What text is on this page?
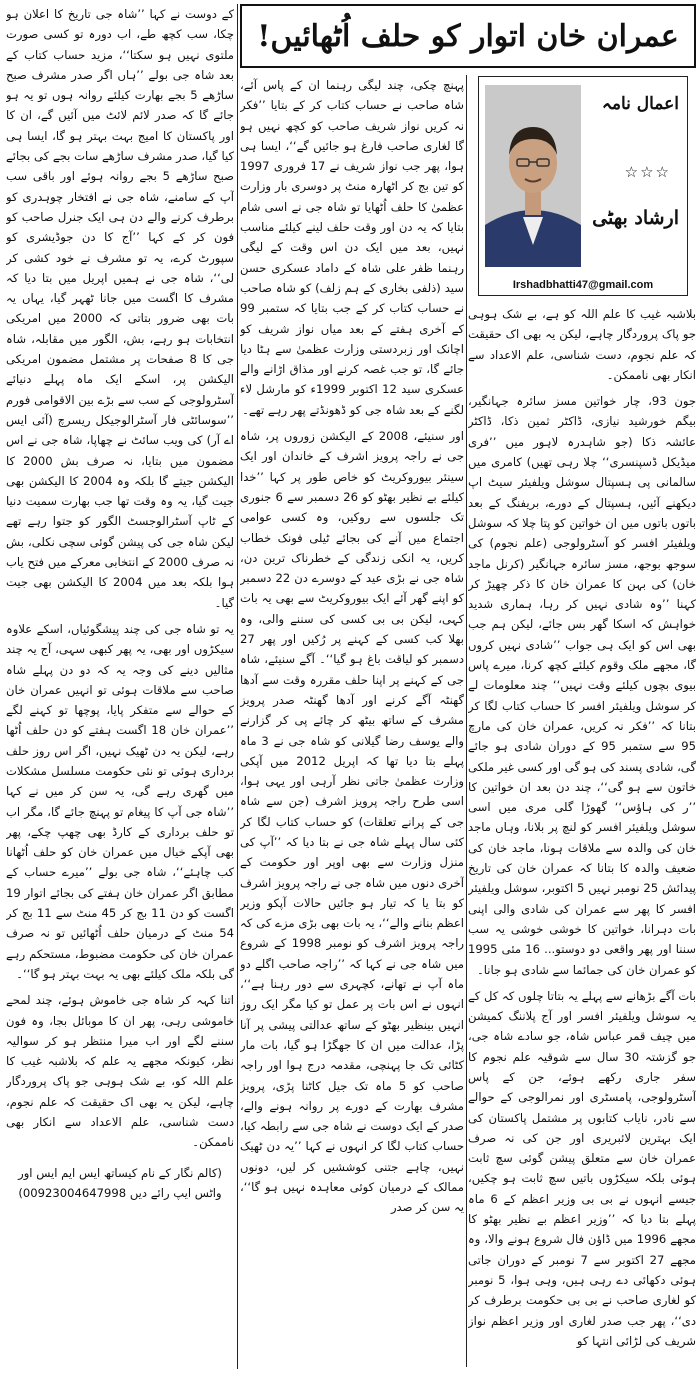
عمران خان اتوار کو حلف اُٹھائیں!
اعمال نامہ
☆☆☆
ارشاد بھٹی
Irshadbhatti47@gmail.com

بلاشبہ غیب کا علم اللہ کو ہے، بے شک ہوہی جو پاک پروردگار چاہے، لیکن یہ بھی اک حقیقت کہ علم نجوم، دست شناسی، علم الاعداد سے انکار بھی ناممکن۔

جون 93، چار خواتین مسز سائرہ جہانگیر، بیگم خورشید نیازی، ڈاکٹر ثمین ذکا، ڈاکٹر عائشہ ذکا (جو شاہدرہ لاہور میں ’’فری میڈیکل ڈسپنسری‘‘ چلا رہی تھیں) کامری میں سالمانی پی ہسپتال سوشل ویلفیئر سیٹ اپ دیکھنے آئیں، ہسپتال کے دورے، بریفنگ کے بعد باتوں باتوں میں ان خواتین کو پتا چلا کہ سوشل ویلفیئر افسر کو آسٹرولوجی (علم نجوم) کی سوجھ بوجھ، مسز سائرہ جہانگیر (کرنل ماجد خان) کی بہن کا عمران خان کا ذکر چھیڑ کر کہنا ’’وہ شادی نہیں کر رہا، ہماری شدید خواہش کہ اسکا گھر بس جائے، لیکن ہم جب بھی اس کو ایک ہی جواب ’’شادی نہیں کروں گا، مجھے ملک وقوم کیلئے کچھ کرنا، میرے پاس بیوی بچوں کیلئے وقت نہیں‘‘ چند معلومات لے کر سوشل ویلفیئر افسر کا حساب کتاب لگا کر بتانا کہ ’’فکر نہ کریں، عمران خان کی مارچ 95 سے ستمبر 95 کے دوران شادی ہو جائے گی، شادی پسند کی ہو گی اور کسی غیر ملکی خاتون سے ہو گی‘‘، چند دن بعد ان خواتین کا ’’ر کی ہاؤس‘‘ گھوڑا گلی مری میں اسی سوشل ویلفیئر افسر کو لنچ پر بلانا، وہاں ماجد خان کی والدہ سے ملاقات ہونا، ماجد خان کی ضعیف والدہ کا بتانا کہ عمران خان کی تاریخ پیدائش 25 نومبر نہیں 5 اکتوبر، سوشل ویلفیئر افسر کا پھر سے عمران کی شادی والی اپنی بات دہرانا، خواتین کا خوشی خوشی یہ سب سننا اور پھر واقعی دو دوستو... 16 مئی 1995 کو عمران خان کی جمائما سے شادی ہو جانا۔

بات آگے بڑھانے سے پہلے یہ بتاتا چلوں کہ کل کے یہ سوشل ویلفیئر افسر اور آج پلاننگ کمیشن میں چیف قمر عباس شاہ، جو سادے شاہ جی، جو گزشتہ 30 سال سے شوقیہ علم نجوم کا سفر جاری رکھے ہوئے، جن کے پاس آسٹرولوجی، پامسٹری اور نمرالوجی کے حوالے سے نادر، نایاب کتابوں پر مشتمل پاکستان کی ایک بہترین لائبریری اور جن کی نہ صرف عمران خان سے متعلق پیشن گوئی سچ ثابت ہوئی بلکہ سیکڑوں باتیں سچ ثابت ہو چکیں، جیسے انہوں نے بی بی وزیر اعظم کے 6 ماہ پہلے بتا دیا کہ ’’وزیر اعظم بے نظیر بھٹو کا مجھے 1996 میں ڈاؤن فال شروع ہونے والا، وہ مجھے 27 اکتوبر سے 7 نومبر کے دوران جاتی ہوئی دکھائی دے رہی ہیں، وہی ہوا، 5 نومبر کو لغاری صاحب نے بی بی حکومت برطرف کر دی‘‘، پھر جب صدر لغاری اور وزیر اعظم نواز شریف کی لڑائی انتہا کو

پہنچ چکی، چند لیگی رہنما ان کے پاس آئے، شاہ صاحب نے حساب کتاب کر کے بتایا ’’فکر نہ کریں نواز شریف صاحب کو کچھ نہیں ہو گا لغاری صاحب فارغ ہو جائیں گے‘‘، ایسا ہی ہوا، پھر جب نواز شریف نے 17 فروری 1997 کو تین بج کر اٹھارہ منٹ پر دوسری بار وزارت عظمیٰ کا حلف اُٹھایا تو شاہ جی نے اسی شام بتایا کہ یہ دن اور وقت حلف لینے کیلئے مناسب نہیں، بعد میں ایک دن اس وقت کے لیگی رہنما ظفر علی شاہ کے داماد عسکری حسن سید (ذلفی بخاری کے ہم زلف) کو شاہ صاحب نے حساب کتاب کر کے جب بتایا کہ ستمبر 99 کے آخری ہفتے کے بعد میاں نواز شریف کو اچانک اور زبردستی وزارت عظمیٰ سے ہٹا دیا جائے گا، تو جب غصہ کرنے اور مذاق اڑانے والے عسکری سید 12 اکتوبر 1999ء کو مارشل لاء لگنے کے بعد شاہ جی کو ڈھونڈتے پھر رہے تھے۔

اور سنیئے، 2008 کے الیکشن زوروں پر، شاہ جی نے راجہ پرویز اشرف کے خاندان اور ایک سینئر بیوروکریٹ کو خاص طور پر کہا ’’خدا کیلئے بے نظیر بھٹو کو 26 دسمبر سے 6 جنوری تک جلسوں سے روکیں، وہ کسی عوامی اجتماع میں آنے کی بجائے ٹیلی فونک خطاب کریں، یہ انکی زندگی کے خطرناک ترین دن، شاہ جی نے بڑی عید کے دوسرے دن 22 دسمبر کو اپنے گھر آئے ایک بیوروکریٹ سے بھی یہ بات کہی، لیکن بی بی کسی کی سننے والی، وہ بھلا کب کسی کے کہنے پر رُکیں اور پھر 27 دسمبر کو لیاقت باغ ہو گیا‘‘۔ آگے سنیئے، شاہ جی کے کہنے پر اپنا حلف مقررہ وقت سے آدھا گھنٹہ آگے کرنے اور آدھا گھنٹہ صدر پرویز مشرف کے ساتھ بیٹھ کر چائے پی کر گزارنے والے یوسف رضا گیلانی کو شاہ جی نے 3 ماہ پہلے بتا دیا تھا کہ اپریل 2012 میں آپکی وزارت عظمیٰ جاتی نظر آرہی اور یہی ہوا، اسی طرح راجہ پرویز اشرف (جن سے شاہ جی کے پرانے تعلقات) کو حساب کتاب لگا کر کئی سال پہلے شاہ جی نے بتا دیا کہ ’’آپ کی منزل وزارت سے بھی اوپر اور حکومت کے آخری دنوں میں شاہ جی نے راجہ پرویز اشرف کو بتا یا کہ تیار ہو جائیں حالات آپکو وزیر اعظم بنانے والے‘‘، یہ بات بھی بڑی مزے کی کہ راجہ پرویز اشرف کو نومبر 1998 کے شروع میں شاہ جی نے کہا کہ ’’راجہ صاحب اگلے دو ماہ آپ نے تھانے، کچہری سے دور رہنا ہے‘‘، انہوں نے اس بات پر عمل تو کیا مگر ایک روز انہیں بینظیر بھٹو کے ساتھ عدالتی پیشی پر آنا پڑا، عدالت میں ان کا جھگڑا ہو گیا، بات مار کٹائی تک جا پہنچی، مقدمہ درج ہوا اور راجہ صاحب کو 5 ماہ تک جیل کاٹنا پڑی، پرویز مشرف بھارت کے دورے پر روانہ ہونے والے، صدر کے ایک دوست نے شاہ جی سے رابطہ کیا، حساب کتاب لگا کر انہوں نے کہا ’’یہ دن ٹھیک نہیں، چاہے جتنی کوششیں کر لیں، دونوں ممالک کے درمیان کوئی معاہدہ نہیں ہو گا‘‘، یہ سن کر صدر

کے دوست نے کہا ’’شاہ جی تاریخ کا اعلان ہو چکا، سب کچھ طے، اب دورہ تو کسی صورت ملتوی نہیں ہو سکتا‘‘، مزید حساب کتاب کے بعد شاہ جی بولے ’’ہاں اگر صدر مشرف صبح ساڑھے 5 بجے بھارت کیلئے روانہ ہوں تو یہ ہو جائے گا کہ صدر لائم لائٹ میں آئیں گے، ان کا اور پاکستان کا امیج بہت بہتر ہو گا، ایسا ہی کیا گیا، صدر مشرف ساڑھے سات بجے کی بجائے صبح ساڑھے 5 بجے روانہ ہوئے اور باقی سب آپ کے سامنے، شاہ جی نے افتخار چوہدری کو برطرف کرنے والے دن ہی ایک جنرل صاحب کو فون کر کے کہا ’’آج کا دن جوڈیشری کو سپورٹ کرے، یہ تو مشرف نے خود کشی کر لی‘‘، شاہ جی نے ہمیں اپریل میں بتا دیا کہ مشرف کا اگست میں جانا ٹھہر گیا، یہاں یہ بات بھی ضرور بتاتی کہ 2000 میں امریکی انتخابات ہو رہے، بش، الگور میں مقابلہ، شاہ جی کا 8 صفحات پر مشتمل مضمون امریکی الیکشن پر، اسکے ایک ماہ پہلے دنیائے آسٹرولوجی کے سب سے بڑے بین الاقوامی فورم ’’سوسائٹی فار آسٹرالوجیکل ریسرچ (آئی ایس اے آر) کی ویب سائٹ نے چھاپا، شاہ جی نے اس مضمون میں بتایا، نہ صرف بش 2000 کا الیکشن جیتے گا بلکہ وہ 2004 کا الیکشن بھی جیت گیا، یہ وہ وقت تھا جب بھارت سمیت دنیا کے ٹاپ آسٹرالوجسٹ الگور کو جتوا رہے تھے لیکن شاہ جی کی پیشن گوئی سچی نکلی، بش نہ صرف 2000 کے انتخابی معرکے میں فتح یاب ہوا بلکہ بعد میں 2004 کا الیکشن بھی جیت گیا۔

یہ تو شاہ جی کی چند پیشگوئیاں، اسکے علاوہ سیکڑوں اور بھی، یہ پھر کبھی سہی، آج یہ چند مثالیں دینے کی وجہ یہ کہ دو دن پہلے شاہ صاحب سے ملاقات ہوئی تو انہیں عمران خان کے حوالے سے متفکر پایا، پوچھا تو کہنے لگے ’’عمران خان 18 اگست ہفتے کو دن حلف اُٹھا رہے، لیکن یہ دن ٹھیک نہیں، اگر اس روز حلف برداری ہوئی تو نئی حکومت مسلسل مشکلات میں گھری رہے گی، یہ سن کر میں نے کہا ’’شاہ جی آپ کا پیغام تو پہنچ جائے گا، مگر اب تو حلف برداری کے کارڈ بھی چھپ چکے، پھر بھی آپکے خیال میں عمران خان کو حلف اُٹھانا کب چاہئے‘‘، شاہ جی بولے ’’میرے حساب کے مطابق اگر عمران خان ہفتے کی بجائے اتوار 19 اگست کو دن 11 بج کر 45 منٹ سے 11 بج کر 54 منٹ کے درمیان حلف اُٹھائیں تو نہ صرف عمران خان کی حکومت مضبوط، مستحکم رہے گی بلکہ ملک کیلئے بھی یہ بہت بہتر ہو گا‘‘۔

اتنا کہہ کر شاہ جی خاموش ہوئے، چند لمحے خاموشی رہی، پھر ان کا موبائل بجا، وہ فون سننے لگے اور اب میرا منتظر ہو کر سوالیہ نظر، کیونکہ مجھے یہ علم کہ بلاشبہ غیب کا علم اللہ کو، بے شک ہوہی جو پاک پروردگار چاہے، لیکن یہ بھی اک حقیقت کہ علم نجوم، دست شناسی، علم الاعداد سے انکار بھی ناممکن۔

(کالم نگار کے نام کیساتھ ایس ایم ایس اور واٹس ایپ رائے دیں 00923004647998)
